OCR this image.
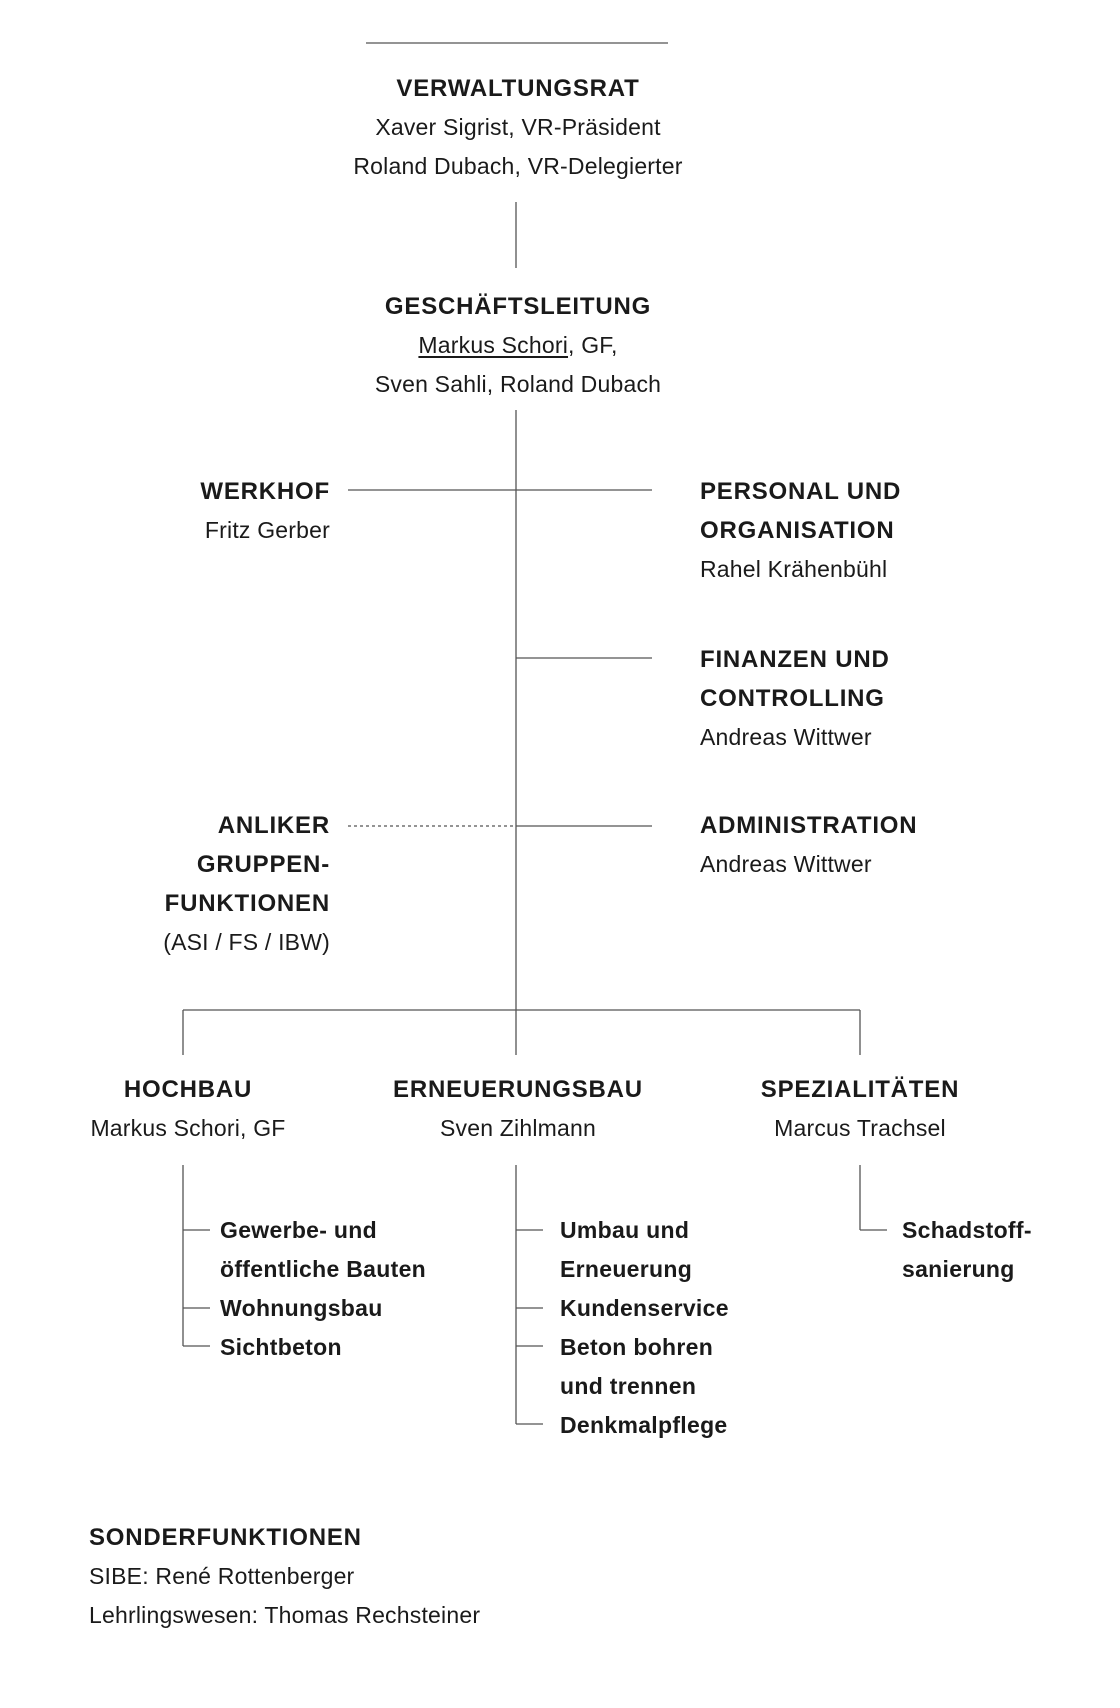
VERWALTUNGSRAT
Xaver Sigrist, VR-Präsident
Roland Dubach, VR-Delegierter
GESCHÄFTSLEITUNG
Markus Schori, GF,
Sven Sahli, Roland Dubach
WERKHOF
Fritz Gerber
PERSONAL UND
ORGANISATION
Rahel Krähenbühl
FINANZEN UND
CONTROLLING
Andreas Wittwer
ANLIKER
GRUPPEN-
FUNKTIONEN
(ASI / FS / IBW)
ADMINISTRATION
Andreas Wittwer
HOCHBAU
Markus Schori, GF
Gewerbe- und
öffentliche Bauten
Wohnungsbau
Sichtbeton
ERNEUERUNGSBAU
Sven Zihlmann
Umbau und
Erneuerung
Kundenservice
Beton bohren
und trennen
Denkmalpflege
SPEZIALITÄTEN
Marcus Trachsel
Schadstoff-
sanierung
SONDERFUNKTIONEN
SIBE: René Rottenberger
Lehrlingswesen: Thomas Rechsteiner
